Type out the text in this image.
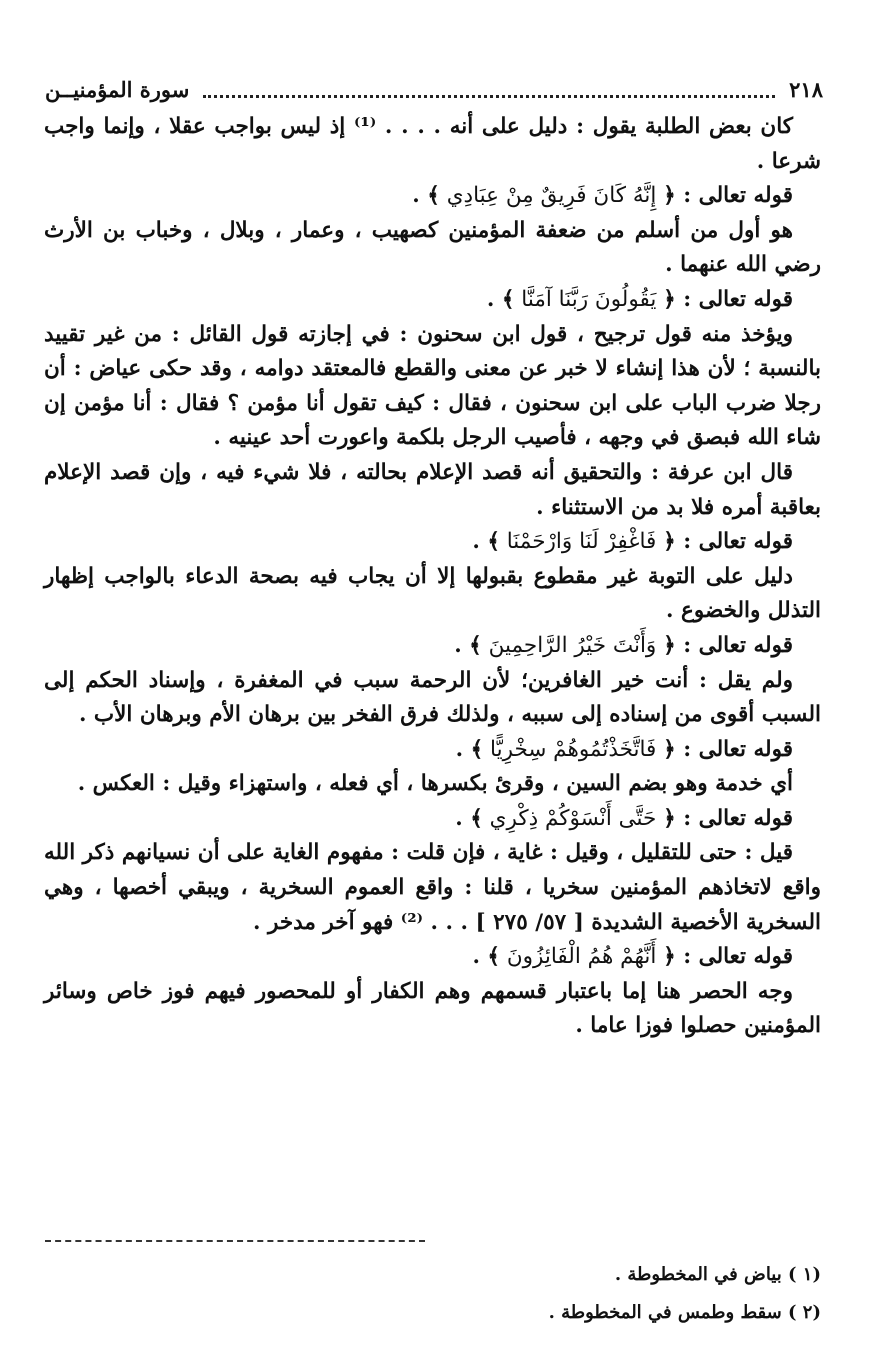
٢١٨
سورة المؤمنيــن

كان بعض الطلبة يقول : دليل على أنه . . . . ⁽¹⁾ إذ ليس بواجب عقلا ، وإنما واجب شرعا .

قوله تعالى : ﴿ إِنَّهُ كَانَ فَرِيقٌ مِنْ عِبَادِي ﴾ .

هو أول من أسلم من ضعفة المؤمنين كصهيب ، وعمار ، وبلال ، وخباب بن الأرث رضي الله عنهما .

قوله تعالى : ﴿ يَقُولُونَ رَبَّنَا آمَنَّا ﴾ .

ويؤخذ منه قول ترجيح ، قول ابن سحنون : في إجازته قول القائل : من غير تقييد بالنسبة ؛ لأن هذا إنشاء لا خبر عن معنى والقطع فالمعتقد دوامه ، وقد حكى عياض : أن رجلا ضرب الباب على ابن سحنون ، فقال : كيف تقول أنا مؤمن ؟ فقال : أنا مؤمن إن شاء الله فبصق في وجهه ، فأصيب الرجل بلكمة واعورت أحد عينيه .

قال ابن عرفة : والتحقيق أنه قصد الإعلام بحالته ، فلا شيء فيه ، وإن قصد الإعلام بعاقبة أمره فلا بد من الاستثناء .

قوله تعالى : ﴿ فَاغْفِرْ لَنَا وَارْحَمْنَا ﴾ .

دليل على التوبة غير مقطوع بقبولها إلا أن يجاب فيه بصحة الدعاء بالواجب إظهار التذلل والخضوع .

قوله تعالى : ﴿ وَأَنْتَ خَيْرُ الرَّاحِمِينَ ﴾ .

ولم يقل : أنت خير الغافرين؛ لأن الرحمة سبب في المغفرة ، وإسناد الحكم إلى السبب أقوى من إسناده إلى سببه ، ولذلك فرق الفخر بين برهان الأم وبرهان الأب .

قوله تعالى : ﴿ فَاتَّخَذْتُمُوهُمْ سِخْرِيًّا ﴾ .

أي خدمة وهو بضم السين ، وقرئ بكسرها ، أي فعله ، واستهزاء وقيل : العكس .

قوله تعالى : ﴿ حَتَّى أَنْسَوْكُمْ ذِكْرِي ﴾ .

قيل : حتى للتقليل ، وقيل : غاية ، فإن قلت : مفهوم الغاية على أن نسيانهم ذكر الله واقع لاتخاذهم المؤمنين سخريا ، قلنا : واقع العموم السخرية ، ويبقي أخصها ، وهي السخرية الأخصية الشديدة [ ٥٧/ ٢٧٥ ] . . . ⁽²⁾ فهو آخر مدخر .

قوله تعالى : ﴿ أَنَّهُمْ هُمُ الْفَائِزُونَ ﴾ .

وجه الحصر هنا إما باعتبار قسمهم وهم الكفار أو للمحصور فيهم فوز خاص وسائر المؤمنين حصلوا فوزا عاما .

(١ ) بياض في المخطوطة .
(٢ ) سقط وطمس في المخطوطة .
